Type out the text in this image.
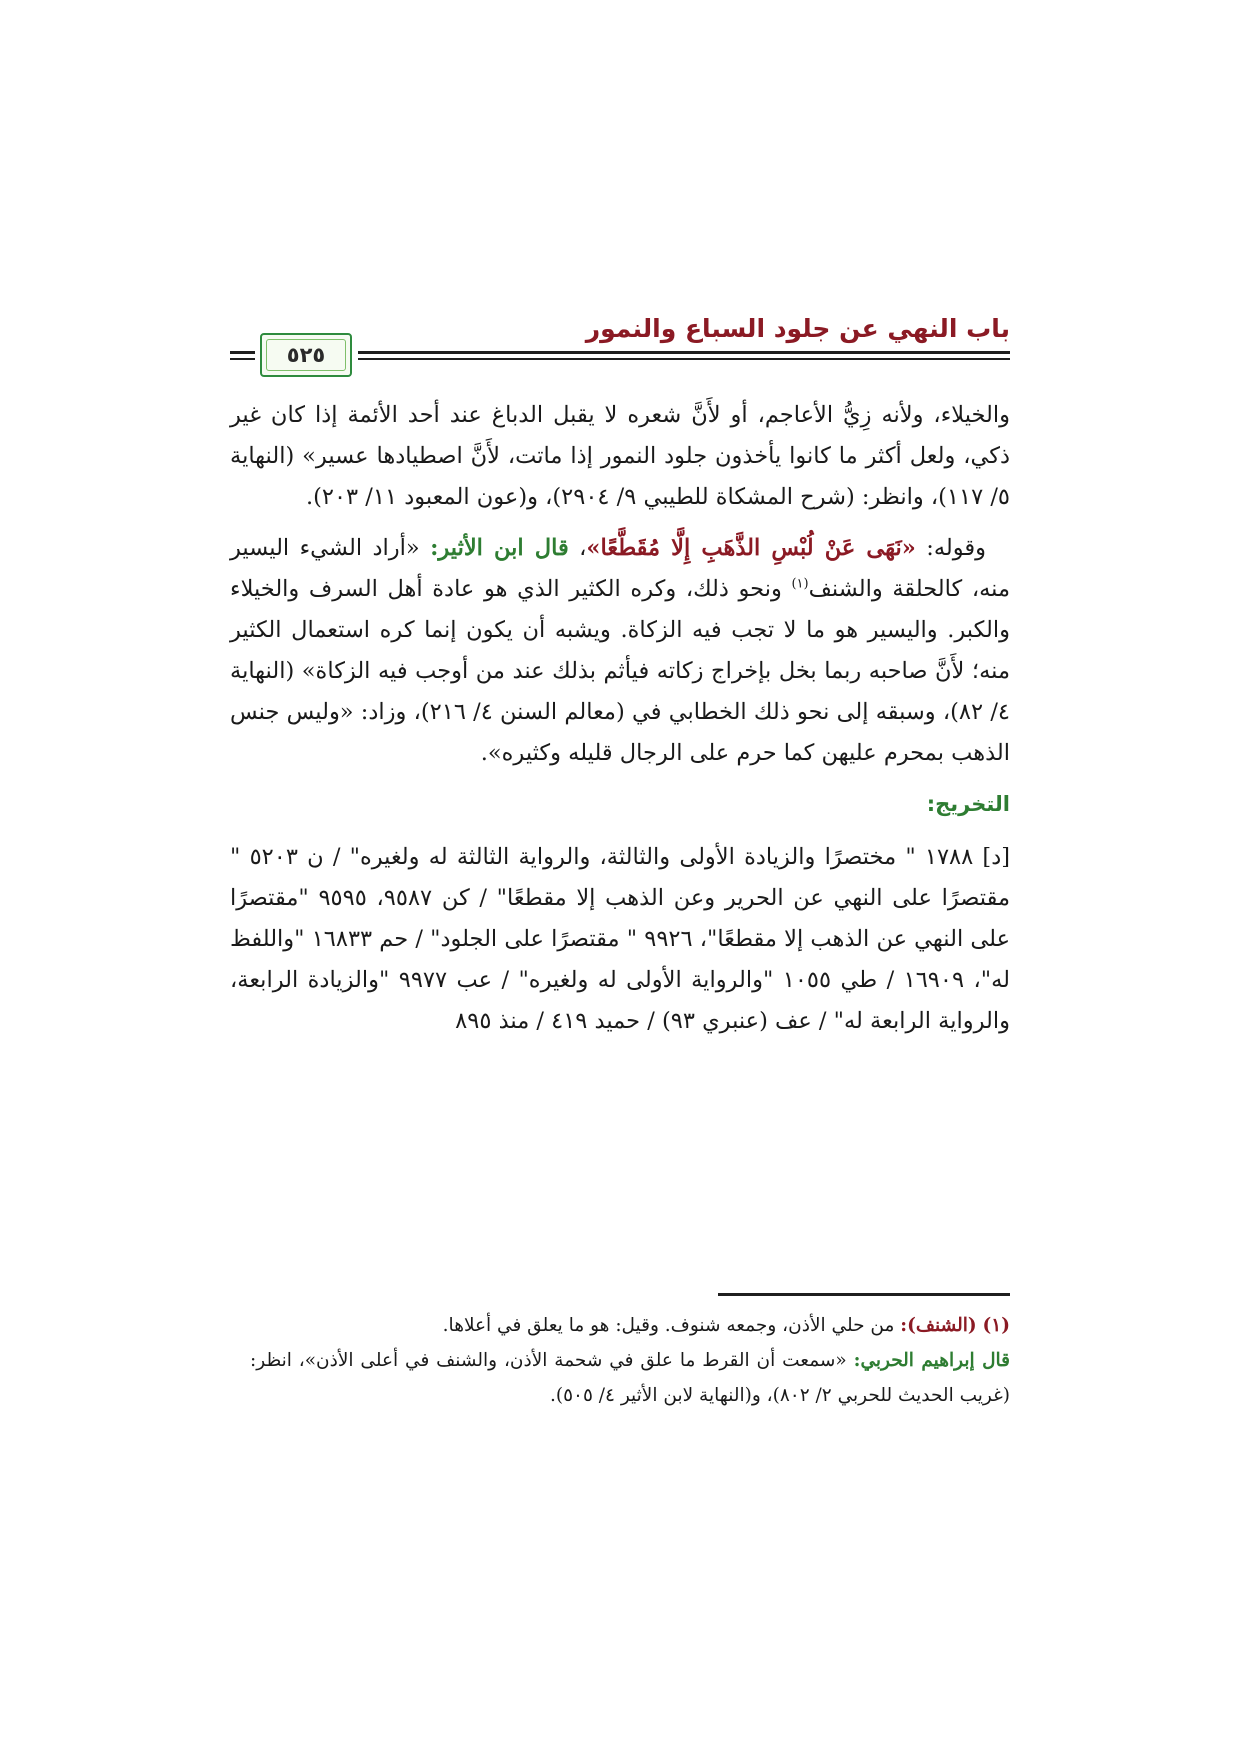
٥٢٥
باب النهي عن جلود السباع والنمور

والخيلاء، ولأنه زِيُّ الأعاجم، أو لأَنَّ شعره لا يقبل الدباغ عند أحد الأئمة إذا كان غير ذكي، ولعل أكثر ما كانوا يأخذون جلود النمور إذا ماتت، لأَنَّ اصطيادها عسير» (النهاية ٥/ ١١٧)، وانظر: (شرح المشكاة للطيبي ٩/ ٢٩٠٤)، و(عون المعبود ١١/ ٢٠٣).

وقوله: «نَهَى عَنْ لُبْسِ الذَّهَبِ إِلَّا مُقَطَّعًا»، قال ابن الأثير: «أراد الشيء اليسير منه، كالحلقة والشنف$^{(١)}$ ونحو ذلك، وكره الكثير الذي هو عادة أهل السرف والخيلاء والكبر. واليسير هو ما لا تجب فيه الزكاة. ويشبه أن يكون إنما كره استعمال الكثير منه؛ لأَنَّ صاحبه ربما بخل بإخراج زكاته فيأثم بذلك عند من أوجب فيه الزكاة» (النهاية ٤/ ٨٢)، وسبقه إلى نحو ذلك الخطابي في (معالم السنن ٤/ ٢١٦)، وزاد: «وليس جنس الذهب بمحرم عليهن كما حرم على الرجال قليله وكثيره».

التخريج:

[د] ١٧٨٨ " مختصرًا والزيادة الأولى والثالثة، والرواية الثالثة له ولغيره" / ن ٥٢٠٣ " مقتصرًا على النهي عن الحرير وعن الذهب إلا مقطعًا" / كن ٩٥٨٧، ٩٥٩٥ "مقتصرًا على النهي عن الذهب إلا مقطعًا"، ٩٩٢٦ " مقتصرًا على الجلود" / حم ١٦٨٣٣ "واللفظ له"، ١٦٩٠٩ / طي ١٠٥٥ "والرواية الأولى له ولغيره" / عب ٩٩٧٧ "والزيادة الرابعة، والرواية الرابعة له" / عف (عنبري ٩٣) / حميد ٤١٩ / منذ ٨٩٥

(١) (الشنف): من حلي الأذن، وجمعه شنوف. وقيل: هو ما يعلق في أعلاها.

قال إبراهيم الحربي: «سمعت أن القرط ما علق في شحمة الأذن، والشنف في أعلى الأذن»، انظر: (غريب الحديث للحربي ٢/ ٨٠٢)، و(النهاية لابن الأثير ٤/ ٥٠٥).
